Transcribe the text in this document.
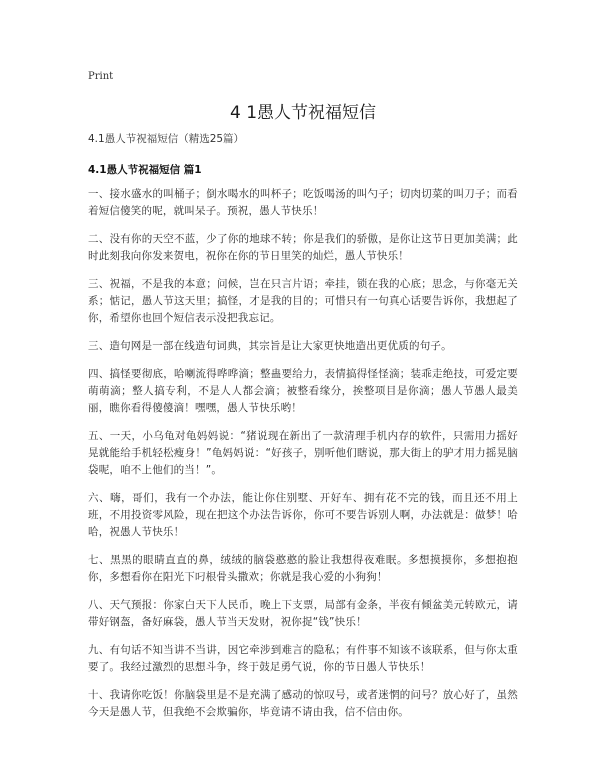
Print
4 1愚人节祝福短信
4.1愚人节祝福短信（精选25篇）
4.1愚人节祝福短信 篇1

一、接水盛水的叫桶子；倒水喝水的叫杯子；吃饭喝汤的叫勺子；切肉切菜的叫刀子；而看着短信傻笑的呢，就叫呆子。预祝，愚人节快乐！

二、没有你的天空不蓝，少了你的地球不转；你是我们的骄傲，是你让这节日更加美满；此时此刻我向你发来贺电，祝你在你的节日里笑的灿烂，愚人节快乐！

三、祝福，不是我的本意；问候，岂在只言片语；牵挂，锁在我的心底；思念，与你毫无关系；惦记，愚人节这天里；搞怪，才是我的目的；可惜只有一句真心话要告诉你，我想起了你，希望你也回个短信表示没把我忘记。

三、造句网是一部在线造句词典，其宗旨是让大家更快地造出更优质的句子。

四、搞怪要彻底，哈喇流得哗哗滴；整蛊要给力，表情搞得怪怪滴；装乖走绝技，可爱定要萌萌滴；整人搞专利，不是人人都会滴；被整看缘分，挨整项目是你滴；愚人节愚人最美丽，瞧你看得傻傻滴！嘿嘿，愚人节快乐哟！

五、一天，小乌龟对龟妈妈说：“猪说现在新出了一款清理手机内存的软件，只需用力摇好晃就能给手机轻松瘦身！”龟妈妈说：“好孩子，别听他们瞎说，那大街上的驴才用力摇晃脑袋呢，咱不上他们的当！”。

六、嗨，哥们，我有一个办法，能让你住别墅、开好车、拥有花不完的钱，而且还不用上班，不用投资零风险，现在把这个办法告诉你，你可不要告诉别人啊，办法就是：做梦！哈哈，祝愚人节快乐！

七、黑黑的眼睛直直的鼻，绒绒的脑袋憨憨的脸让我想得夜难眠。多想摸摸你，多想抱抱你，多想看你在阳光下叼根骨头撒欢；你就是我心爱的小狗狗！

八、天气预报：你家白天下人民币，晚上下支票，局部有金条，半夜有倾盆美元转欧元，请带好钢盔，备好麻袋，愚人节当天发财，祝你捉“钱”快乐！

九、有句话不知当讲不当讲，因它牵涉到难言的隐私；有件事不知该不该联系，但与你太重要了。我经过激烈的思想斗争，终于鼓足勇气说，你的节日愚人节快乐！

十、我请你吃饭！你脑袋里是不是充满了感动的惊叹号，或者迷惘的问号？放心好了，虽然今天是愚人节，但我绝不会欺骗你，毕竟请不请由我，信不信由你。
